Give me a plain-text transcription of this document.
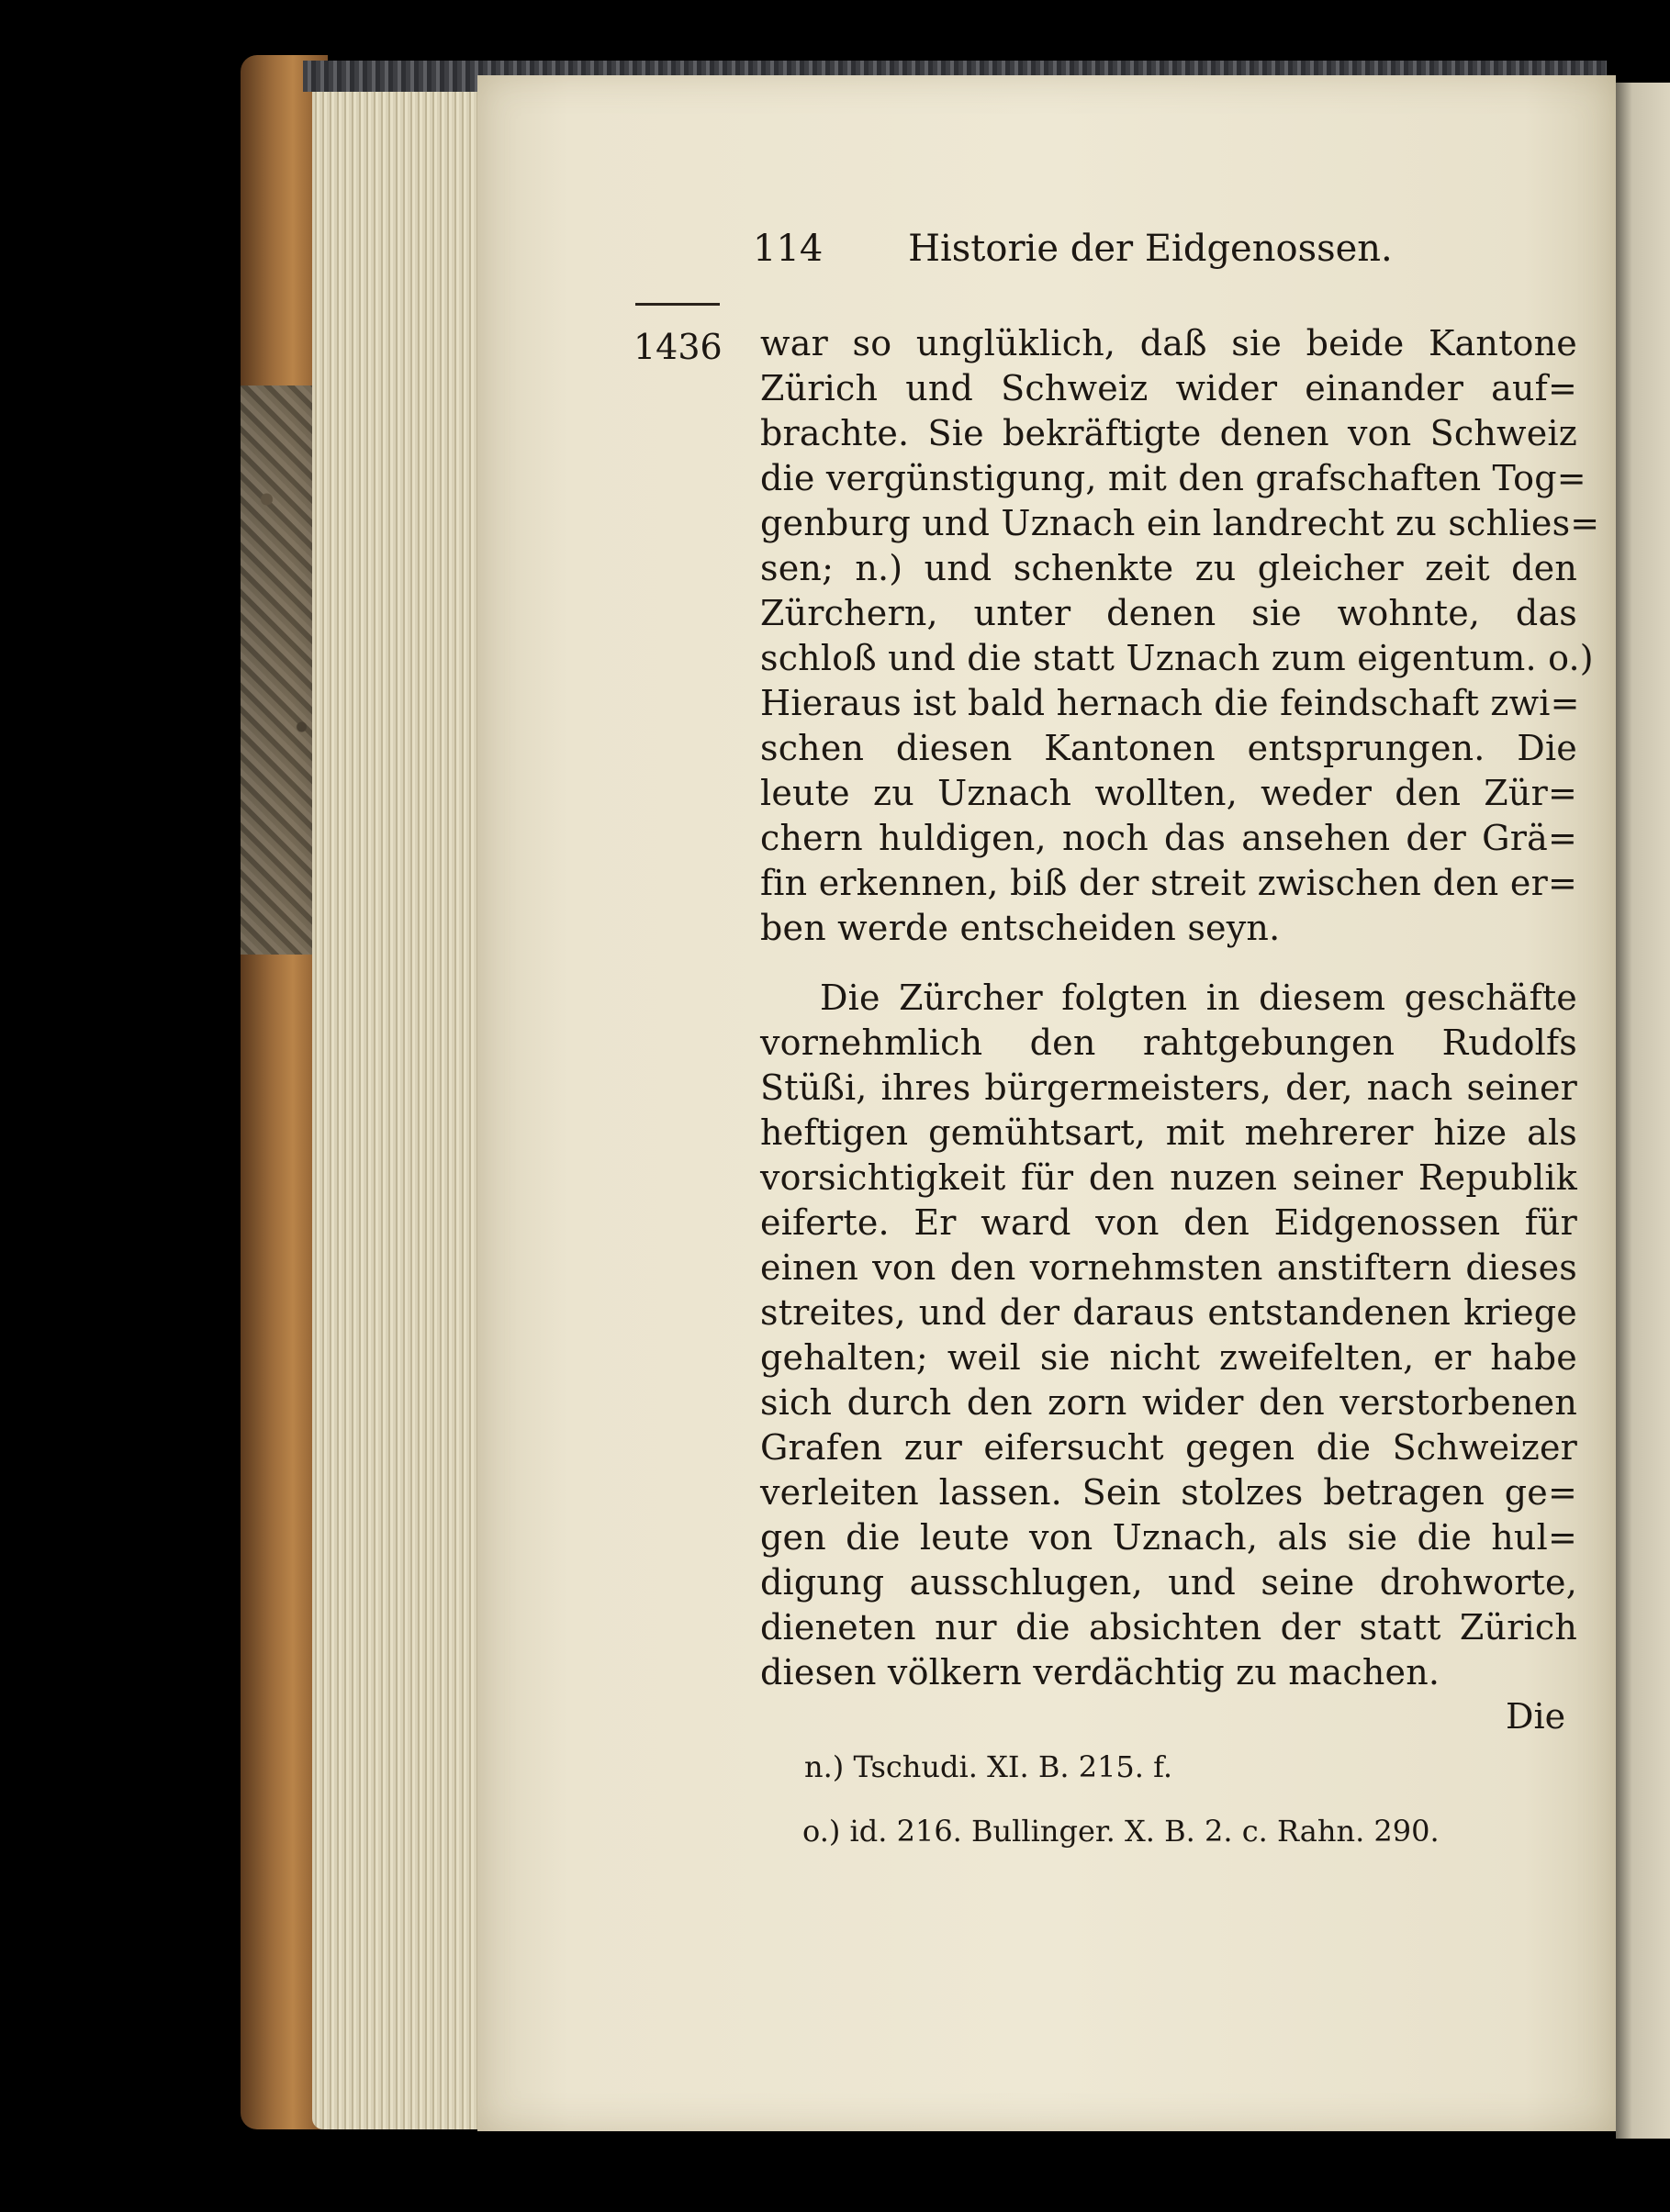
114 Historie der Eidgenossen.
1436 war so unglüklich, daß sie beide Kantone
Zürich und Schweiz wider einander auf=
brachte. Sie bekräftigte denen von Schweiz
die vergünstigung, mit den grafschaften Tog=
genburg und Uznach ein landrecht zu schlies=
sen; n.) und schenkte zu gleicher zeit den
Zürchern, unter denen sie wohnte, das
schloß und die statt Uznach zum eigentum. o.)
Hieraus ist bald hernach die feindschaft zwi=
schen diesen Kantonen entsprungen. Die
leute zu Uznach wollten, weder den Zür=
chern huldigen, noch das ansehen der Grä=
fin erkennen, biß der streit zwischen den er=
ben werde entscheiden seyn.
Die Zürcher folgten in diesem geschäfte
vornehmlich den rahtgebungen Rudolfs
Stüßi, ihres bürgermeisters, der, nach seiner
heftigen gemühtsart, mit mehrerer hize als
vorsichtigkeit für den nuzen seiner Republik
eiferte. Er ward von den Eidgenossen für
einen von den vornehmsten anstiftern dieses
streites, und der daraus entstandenen kriege
gehalten; weil sie nicht zweifelten, er habe
sich durch den zorn wider den verstorbenen
Grafen zur eifersucht gegen die Schweizer
verleiten lassen. Sein stolzes betragen ge=
gen die leute von Uznach, als sie die hul=
digung ausschlugen, und seine drohworte,
dieneten nur die absichten der statt Zürich
diesen völkern verdächtig zu machen.
Die
n.) Tschudi. XI. B. 215. f.
o.) id. 216. Bullinger. X. B. 2. c. Rahn. 290.
